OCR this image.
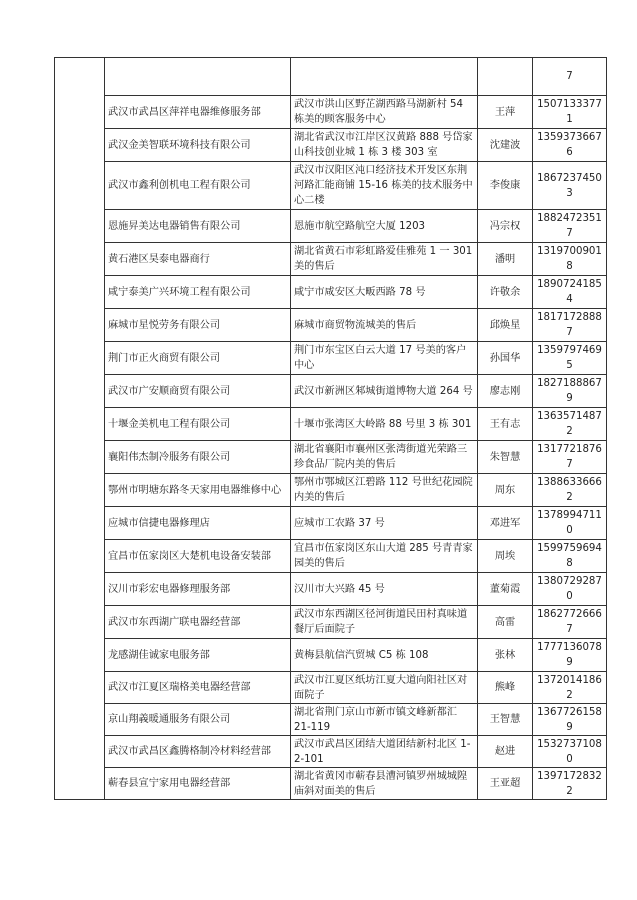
				7
	武汉市武昌区萍祥电器维修服务部	武汉市洪山区野芷湖西路马湖新村 54 栋美的顾客服务中心	王萍	15071333771
	武汉金美智联环境科技有限公司	湖北省武汉市江岸区汉黄路 888 号岱家山科技创业城 1 栋 3 楼 303 室	沈建波	13593736676
	武汉市鑫利创机电工程有限公司	武汉市汉阳区沌口经济技术开发区东荆河路汇能商铺 15-16 栋美的技术服务中心二楼	李俊康	18672374503
	恩施昇美达电器销售有限公司	恩施市航空路航空大厦 1203	冯宗权	18824723517
	黄石港区昊泰电器商行	湖北省黄石市彩虹路爱佳雅苑 1 一 301 美的售后	潘明	13197009018
	咸宁泰美广兴环境工程有限公司	咸宁市咸安区大畈西路 78 号	许敬余	18907241854
	麻城市星悦劳务有限公司	麻城市商贸物流城美的售后	邱焕星	18171728887
	荆门市正火商贸有限公司	荆门市东宝区白云大道 17 号美的客户中心	孙国华	13597974695
	武汉市广安顺商贸有限公司	武汉市新洲区邾城街道博物大道 264 号	廖志刚	18271888679
	十堰金美机电工程有限公司	十堰市张湾区大岭路 88 号里 3 栋 301	王有志	13635714872
	襄阳伟杰制冷服务有限公司	湖北省襄阳市襄州区张湾街道光荣路三珍食品厂院内美的售后	朱智慧	13177218767
	鄂州市明塘东路冬天家用电器维修中心	鄂州市鄂城区江碧路 112 号世纪花园院内美的售后	周东	13886336662
	应城市信捷电器修理店	应城市工农路 37 号	邓进军	13789947110
	宜昌市伍家岗区大楚机电设备安装部	宜昌市伍家岗区东山大道 285 号青青家园美的售后	周埃	15997596948
	汉川市彩宏电器修理服务部	汉川市大兴路 45 号	董菊霞	13807292870
	武汉市东西湖广联电器经营部	武汉市东西湖区径河街道民田村真味道餐厅后面院子	高雷	18627726667
	龙感湖佳诚家电服务部	黄梅县航信汽贸城 C5 栋 108	张林	17771360789
	武汉市江夏区瑞格美电器经营部	武汉市江夏区纸坊江夏大道向阳社区对面院子	熊峰	13720141862
	京山翔義暖通服务有限公司	湖北省荆门京山市新市镇文峰新都汇 21-119	王智慧	13677261589
	武汉市武昌区鑫腾格制冷材料经营部	武汉市武昌区团结大道团结新村北区 1-2-101	赵进	15327371080
	蕲春县宣宁家用电器经营部	湖北省黄冈市蕲春县漕河镇罗州城城隍庙斜对面美的售后	王亚超	13971728322
